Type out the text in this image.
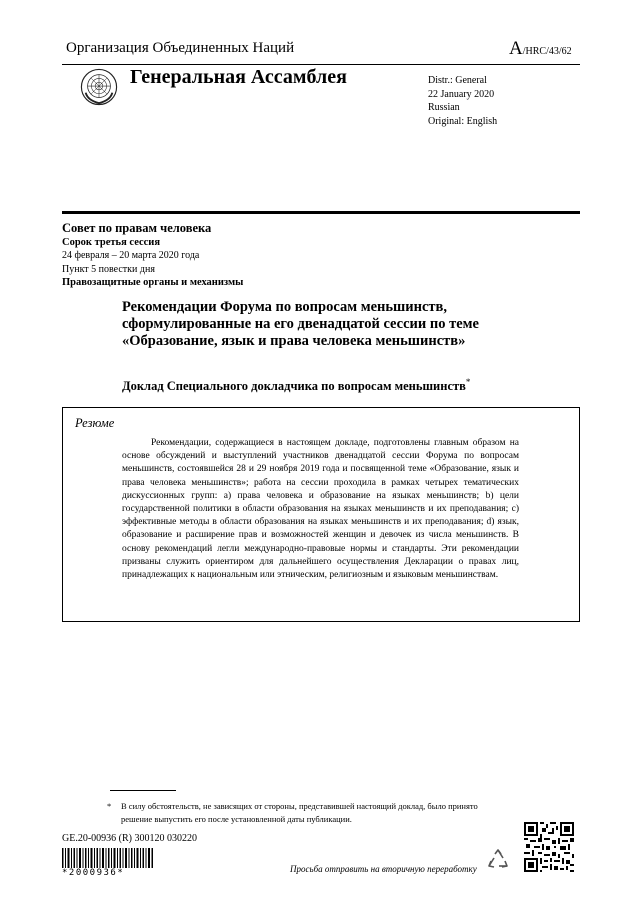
Организация Объединенных Наций	A/HRC/43/62
Генеральная Ассамблея	Distr.: General
22 January 2020
Russian
Original: English
Совет по правам человека
Сорок третья сессия
24 февраля – 20 марта 2020 года
Пункт 5 повестки дня
Правозащитные органы и механизмы
Рекомендации Форума по вопросам меньшинств,
сформулированные на его двенадцатой сессии по теме
«Образование, язык и права человека меньшинств»
Доклад Специального докладчика по вопросам меньшинств*
Резюме
Рекомендации, содержащиеся в настоящем докладе, подготовлены главным образом на основе обсуждений и выступлений участников двенадцатой сессии Форума по вопросам меньшинств, состоявшейся 28 и 29 ноября 2019 года и посвященной теме «Образование, язык и права человека меньшинств»; работа на сессии проходила в рамках четырех тематических дискуссионных групп: a) права человека и образование на языках меньшинств; b) цели государственной политики в области образования на языках меньшинств и их преподавания; c) эффективные методы в области образования на языках меньшинств и их преподавания; d) язык, образование и расширение прав и возможностей женщин и девочек из числа меньшинств. В основу рекомендаций легли международно-правовые нормы и стандарты. Эти рекомендации призваны служить ориентиром для дальнейшего осуществления Декларации о правах лиц, принадлежащих к национальным или этническим, религиозным и языковым меньшинствам.
* В силу обстоятельств, не зависящих от стороны, представившей настоящий доклад, было принято решение выпустить его после установленной даты публикации.
GE.20-00936 (R) 300120 030220
*2000936*	Просьба отправить на вторичную переработку
